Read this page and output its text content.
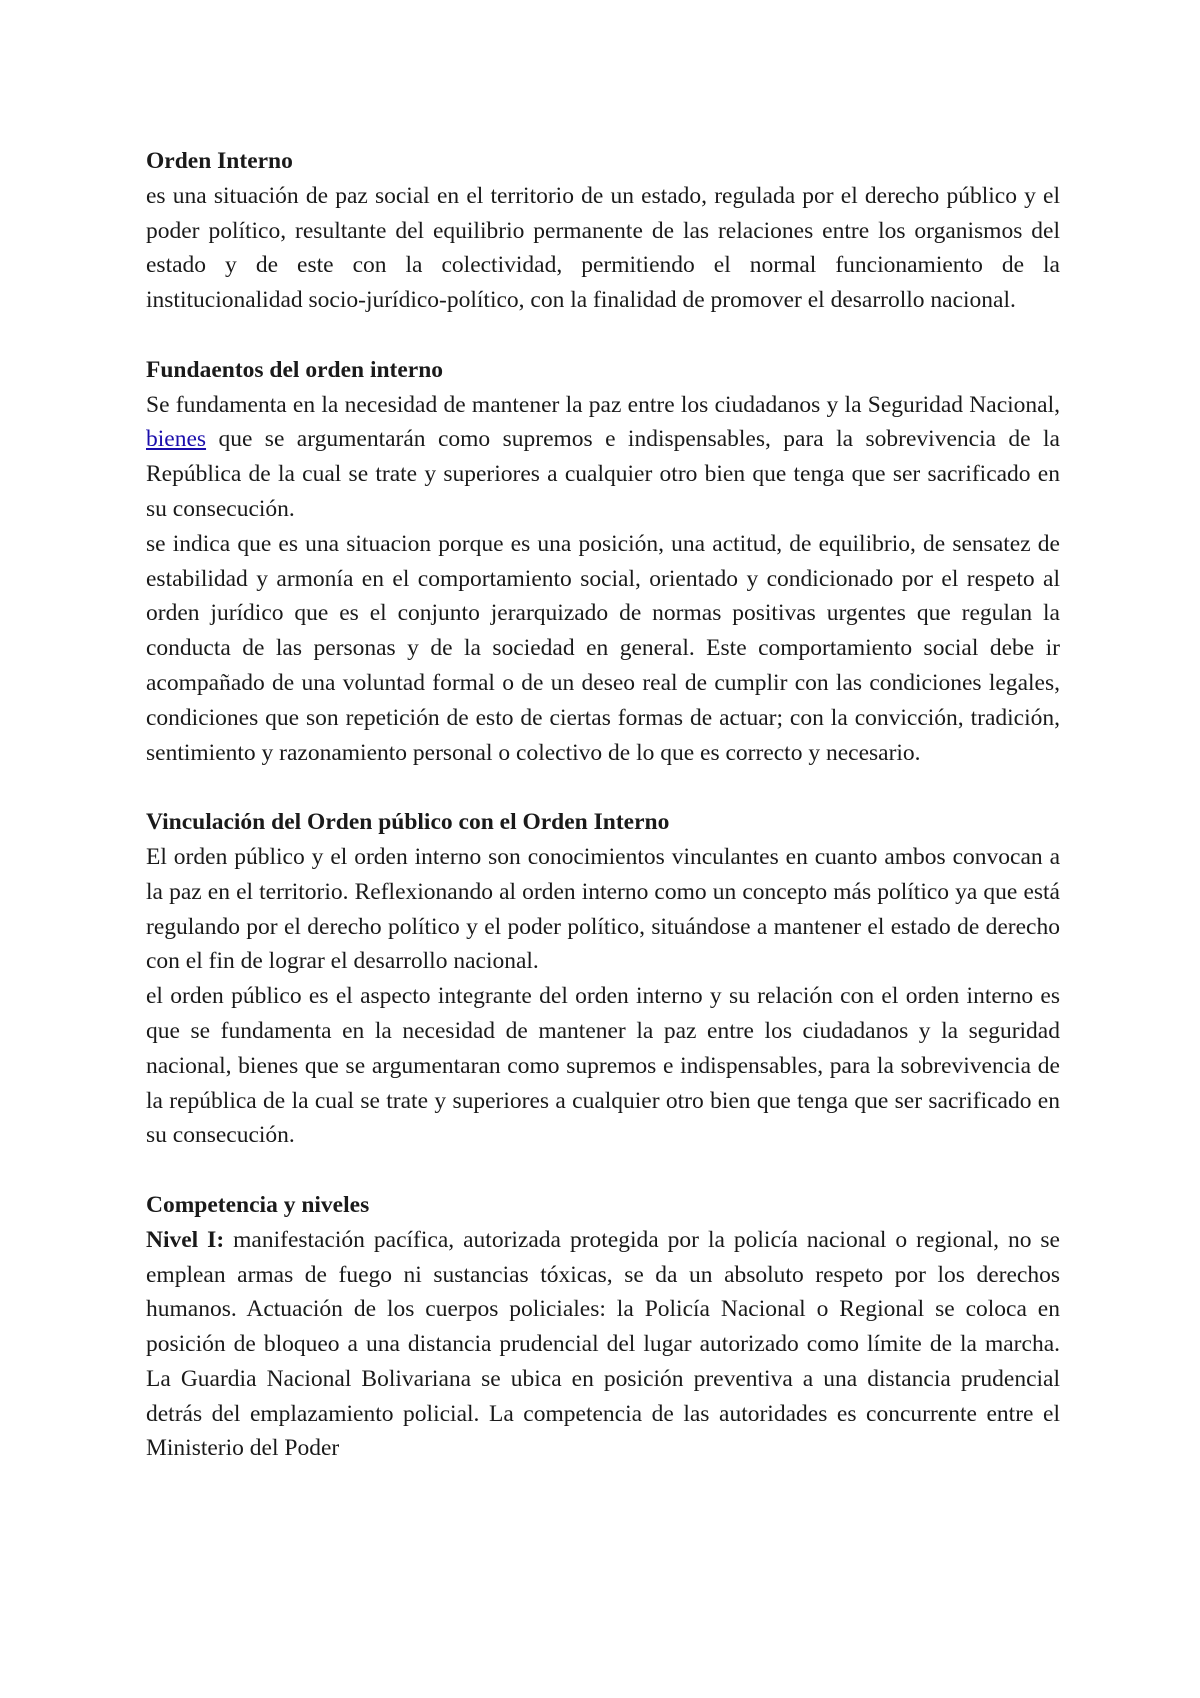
Orden Interno

es una situación de paz social en el territorio de un estado, regulada por el derecho público y el poder político, resultante del equilibrio permanente de las relaciones entre los organismos del estado y de este con la colectividad, permitiendo el normal funcionamiento de la institucionalidad socio-jurídico-político, con la finalidad de promover el desarrollo nacional.

Fundaentos del orden interno

Se fundamenta en la necesidad de mantener la paz entre los ciudadanos y la Seguridad Nacional, bienes que se argumentarán como supremos e indispensables, para la sobrevivencia de la República de la cual se trate y superiores a cualquier otro bien que tenga que ser sacrificado en su consecución.

se indica que es una situacion porque es una posición, una actitud, de equilibrio, de sensatez de estabilidad y armonía en el comportamiento social, orientado y condicionado por el respeto al orden jurídico que es el conjunto jerarquizado de normas positivas urgentes que regulan la conducta de las personas y de la sociedad en general. Este comportamiento social debe ir acompañado de una voluntad formal o de un deseo real de cumplir con las condiciones legales, condiciones que son repetición de esto de ciertas formas de actuar; con la convicción, tradición, sentimiento y razonamiento personal o colectivo de lo que es correcto y necesario.

Vinculación del Orden público con el Orden Interno

El orden público y el orden interno son conocimientos vinculantes en cuanto ambos convocan a la paz en el territorio. Reflexionando al orden interno como un concepto más político ya que está regulando por el derecho político y el poder político, situándose a mantener el estado de derecho con el fin de lograr el desarrollo nacional.

el orden público es el aspecto integrante del orden interno y su relación con el orden interno es que se fundamenta en la necesidad de mantener la paz entre los ciudadanos y la seguridad nacional, bienes que se argumentaran como supremos e indispensables, para la sobrevivencia de la república de la cual se trate y superiores a cualquier otro bien que tenga que ser sacrificado en su consecución.

Competencia y niveles

Nivel I: manifestación pacífica, autorizada protegida por la policía nacional o regional, no se emplean armas de fuego ni sustancias tóxicas, se da un absoluto respeto por los derechos humanos. Actuación de los cuerpos policiales: la Policía Nacional o Regional se coloca en posición de bloqueo a una distancia prudencial del lugar autorizado como límite de la marcha. La Guardia Nacional Bolivariana se ubica en posición preventiva a una distancia prudencial detrás del emplazamiento policial. La competencia de las autoridades es concurrente entre el Ministerio del Poder
